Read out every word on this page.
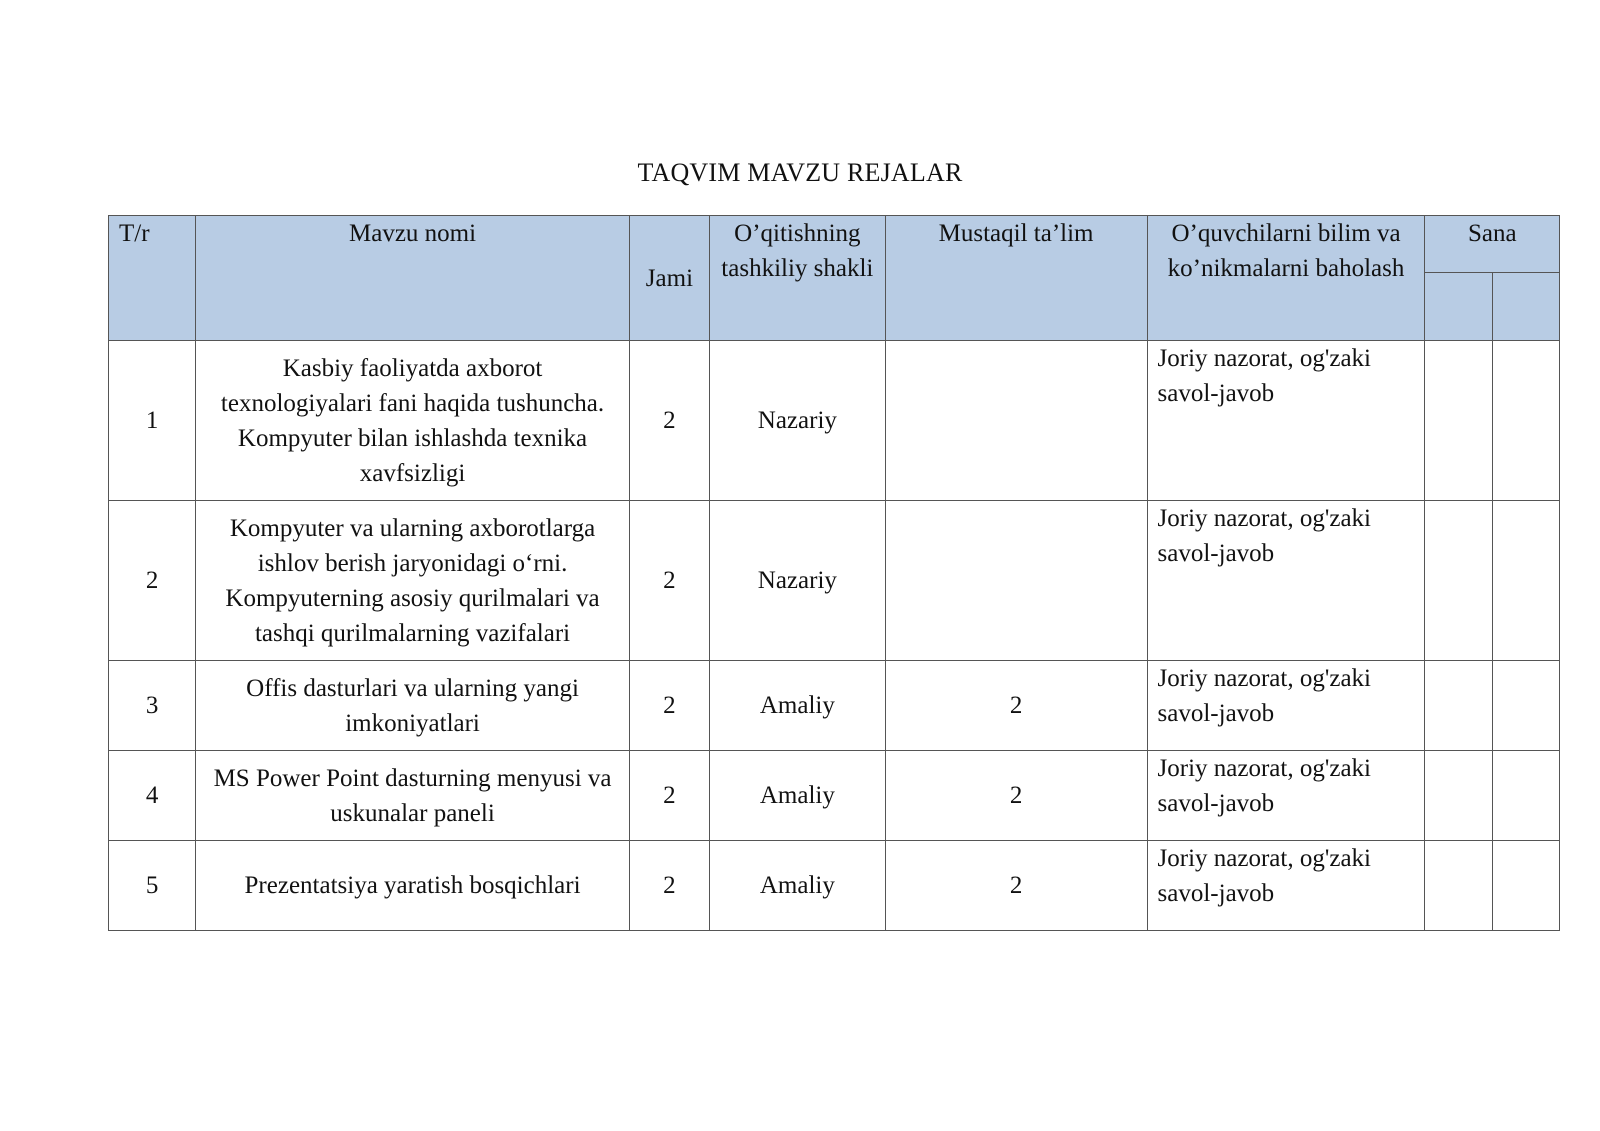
TAQVIM MAVZU REJALAR
T/r	Mavzu nomi	Jami	O’qitishning tashkiliy shakli	Mustaqil ta’lim	O’quvchilarni bilim va ko’nikmalarni baholash	Sana	

1	Kasbiy faoliyatda axborot texnologiyalari fani haqida tushuncha. Kompyuter bilan ishlashda texnika xavfsizligi	2	Nazariy		Joriy nazorat, og'zaki savol-javob		
2	Kompyuter va ularning axborotlarga ishlov berish jaryonidagi o‘rni. Kompyuterning asosiy qurilmalari va tashqi qurilmalarning vazifalari	2	Nazariy		Joriy nazorat, og'zaki savol-javob		
3	Offis dasturlari va ularning yangi imkoniyatlari	2	Amaliy	2	Joriy nazorat, og'zaki savol-javob		
4	MS Power Point dasturning menyusi va uskunalar paneli	2	Amaliy	2	Joriy nazorat, og'zaki savol-javob		
5	Prezentatsiya yaratish bosqichlari	2	Amaliy	2	Joriy nazorat, og'zaki savol-javob		
